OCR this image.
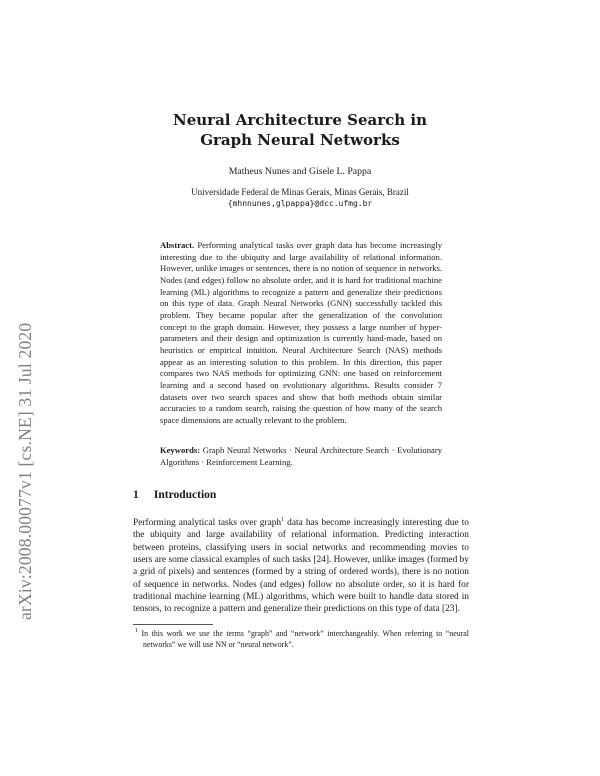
arXiv:2008.00077v1 [cs.NE] 31 Jul 2020
Neural Architecture Search in
Graph Neural Networks
Matheus Nunes and Gisele L. Pappa
Universidade Federal de Minas Gerais, Minas Gerais, Brazil
{mhnnunes,glpappa}@dcc.ufmg.br
Abstract. Performing analytical tasks over graph data has become increasingly interesting due to the ubiquity and large availability of relational information. However, unlike images or sentences, there is no notion of sequence in networks. Nodes (and edges) follow no absolute order, and it is hard for traditional machine learning (ML) algorithms to recognize a pattern and generalize their predictions on this type of data. Graph Neural Networks (GNN) successfully tackled this problem. They became popular after the generalization of the convolution concept to the graph domain. However, they possess a large number of hyper-parameters and their design and optimization is currently hand-made, based on heuristics or empirical intuition. Neural Architecture Search (NAS) methods appear as an interesting solution to this problem. In this direction, this paper compares two NAS methods for optimizing GNN: one based on reinforcement learning and a second based on evolutionary algorithms. Results consider 7 datasets over two search spaces and show that both methods obtain similar accuracies to a random search, raising the question of how many of the search space dimensions are actually relevant to the problem.
Keywords: Graph Neural Networks · Neural Architecture Search · Evolutionary Algorithms · Reinforcement Learning.
1 Introduction
Performing analytical tasks over graph$^1$ data has become increasingly interesting due to the ubiquity and large availability of relational information. Predicting interaction between proteins, classifying users in social networks and recommending movies to users are some classical examples of such tasks [24]. However, unlike images (formed by a grid of pixels) and sentences (formed by a string of ordered words), there is no notion of sequence in networks. Nodes (and edges) follow no absolute order, so it is hard for traditional machine learning (ML) algorithms, which were built to handle data stored in tensors, to recognize a pattern and generalize their predictions on this type of data [23].
$^1$ In this work we use the terms “graph” and “network” interchangeably. When referring to “neural networks” we will use NN or “neural network”.
